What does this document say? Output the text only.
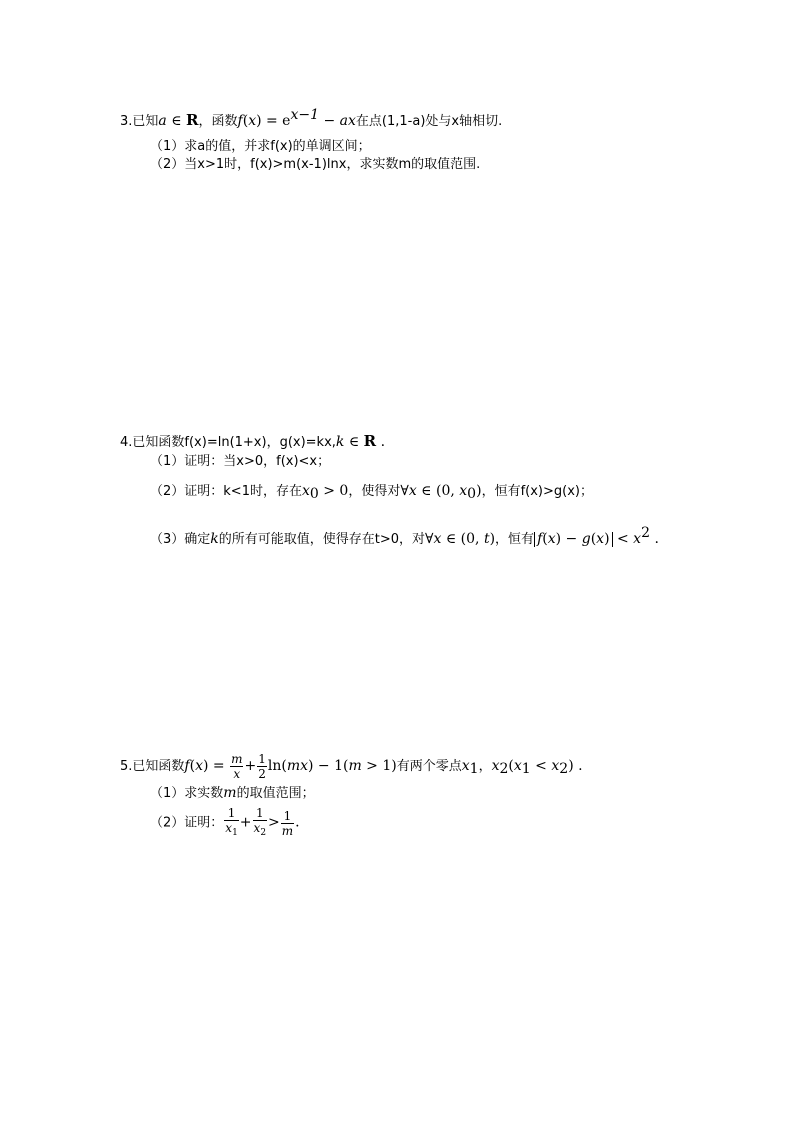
3.已知a ∈ R，函数$f(x) = e^{x-1}$ − ax在点(1,1-a)处与x轴相切.
（1）求a的值，并求f(x)的单调区间；
（2）当x>1时，f(x)>m(x-1)lnx，求实数m的取值范围.
4.已知函数f(x)=ln(1+x)，g(x)=kx,k ∈ R .
（1）证明：当x>0，f(x)<x；
（2）证明：k<1时，存在$x_0 > 0$，使得对∀x ∈ (0, $x_0$)，恒有f(x)>g(x)；
（3）确定k的所有可能取值，使得存在t>0，对∀x ∈ (0, t)，恒有 $f(x) - g(x) < x^2$ .
5.已知函数$f(x) = \frac{m}{x} + \frac{1}{2} \ln(mx) - 1(m > 1)$有两个零点$x_1$，$x_2(x_1 < x_2)$ .
（1）求实数m的取值范围；
（2）证明： $\frac{1}{x_1} + \frac{1}{x_2} > \frac{1}{m}$ .
